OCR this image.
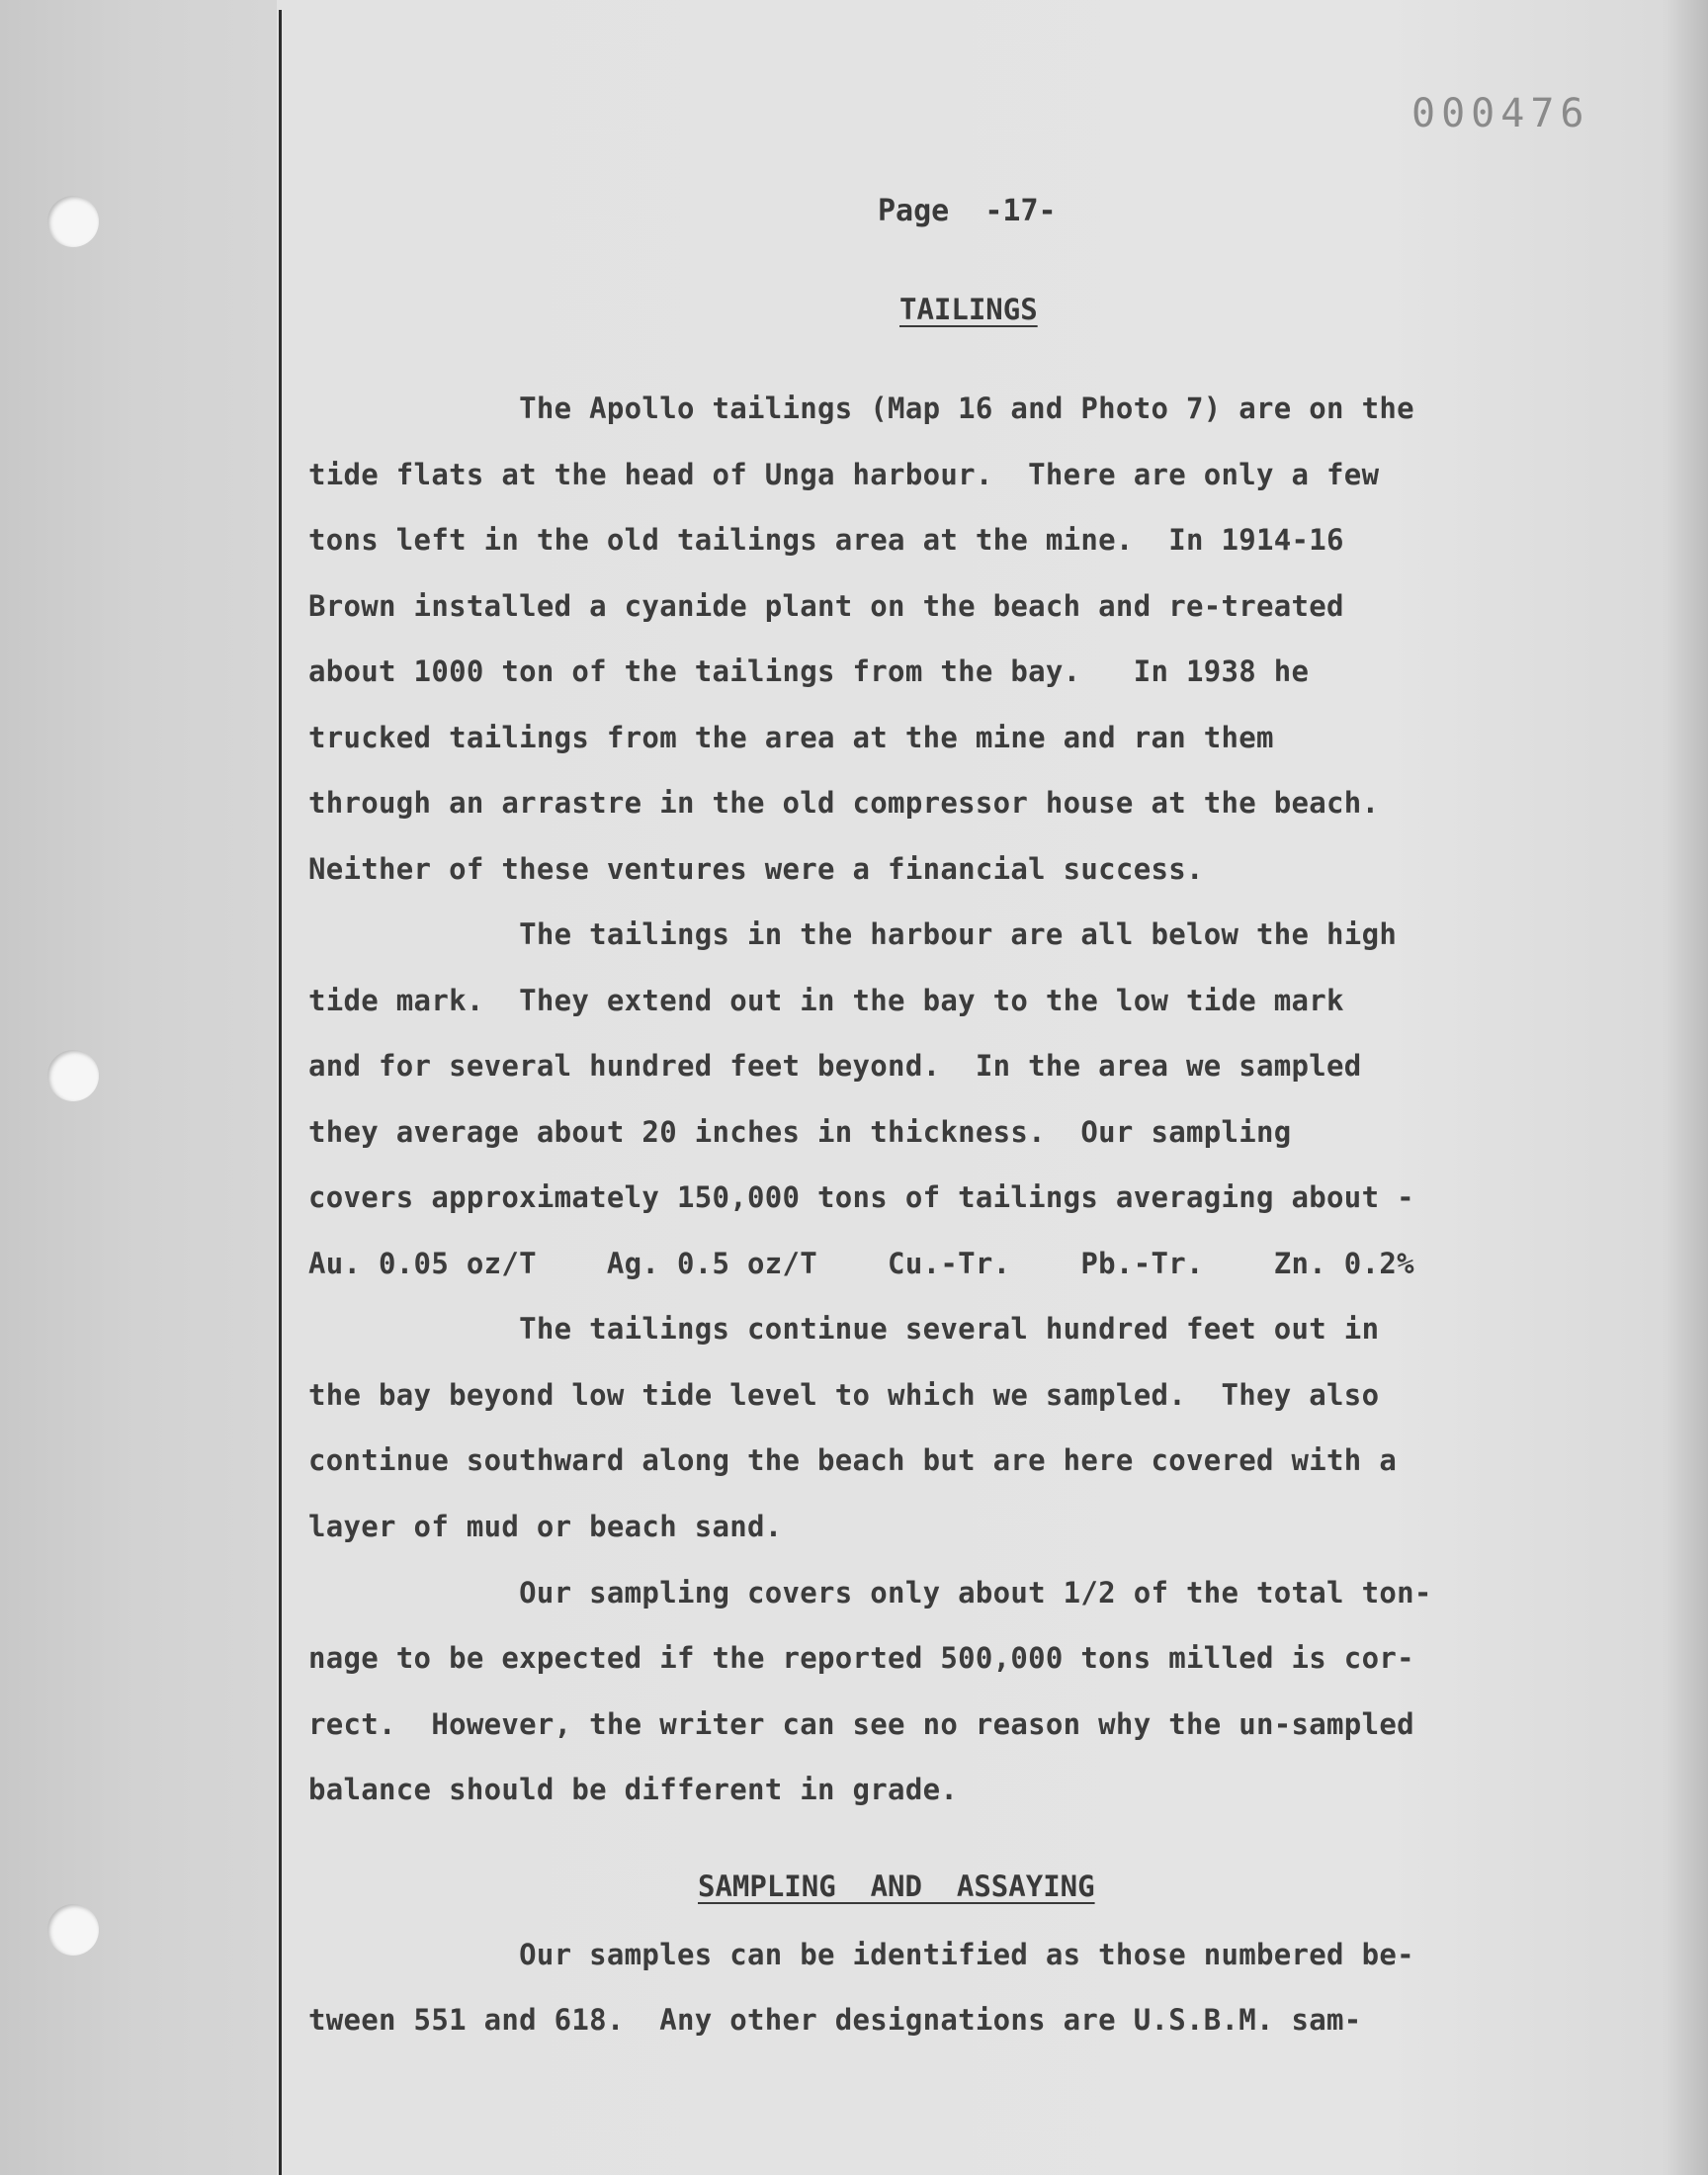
000476
Page  -17-
TAILINGS
The Apollo tailings (Map 16 and Photo 7) are on the
tide flats at the head of Unga harbour.  There are only a few
tons left in the old tailings area at the mine.  In 1914-16
Brown installed a cyanide plant on the beach and re-treated
about 1000 ton of the tailings from the bay.   In 1938 he
trucked tailings from the area at the mine and ran them
through an arrastre in the old compressor house at the beach.
Neither of these ventures were a financial success.
The tailings in the harbour are all below the high
tide mark.  They extend out in the bay to the low tide mark
and for several hundred feet beyond.  In the area we sampled
they average about 20 inches in thickness.  Our sampling
covers approximately 150,000 tons of tailings averaging about -
Au. 0.05 oz/T    Ag. 0.5 oz/T    Cu.-Tr.    Pb.-Tr.    Zn. 0.2%
The tailings continue several hundred feet out in
the bay beyond low tide level to which we sampled.  They also
continue southward along the beach but are here covered with a
layer of mud or beach sand.
Our sampling covers only about 1/2 of the total ton-
nage to be expected if the reported 500,000 tons milled is cor-
rect.  However, the writer can see no reason why the un-sampled
balance should be different in grade.
SAMPLING  AND  ASSAYING
Our samples can be identified as those numbered be-
tween 551 and 618.  Any other designations are U.S.B.M. sam-
